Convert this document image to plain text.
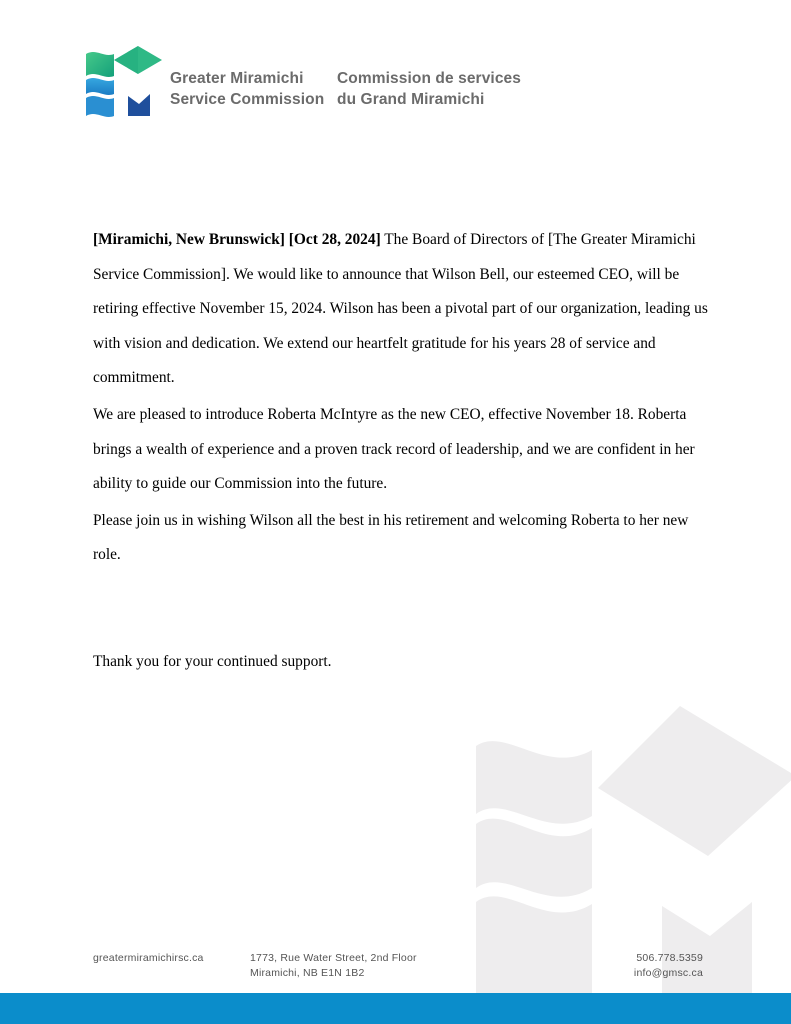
Greater Miramichi
Service Commission
Commission de services
du Grand Miramichi

[Miramichi, New Brunswick] [Oct 28, 2024] The Board of Directors of [The Greater Miramichi Service Commission]. We would like to announce that Wilson Bell, our esteemed CEO, will be retiring effective November 15, 2024. Wilson has been a pivotal part of our organization, leading us with vision and dedication. We extend our heartfelt gratitude for his years 28 of service and commitment.

We are pleased to introduce Roberta McIntyre as the new CEO, effective November 18. Roberta brings a wealth of experience and a proven track record of leadership, and we are confident in her ability to guide our Commission into the future.

Please join us in wishing Wilson all the best in his retirement and welcoming Roberta to her new role.

Thank you for your continued support.
greatermiramichirsc.ca	1773, Rue Water Street, 2nd Floor
Miramichi, NB E1N 1B2
506.778.5359
info@gmsc.ca
